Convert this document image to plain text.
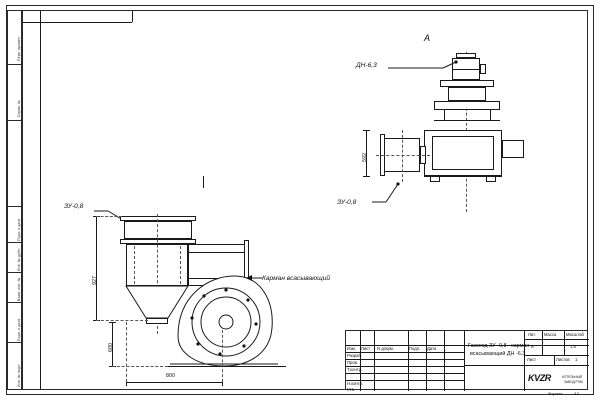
Перв. примен.
Справ. №
Подп. и дата
Инв. № дубл.
Взам. инв. №
Подп. и дата
Инв. № подл.
А
592
ДН-6,3
ЗУ-0,8
ЗУ-0,8
Карман всасывающий
927
600
800
Изм. Лист N докум.	Подп. Дата
Разраб.
Пров.
Т.контр.
Н.контр.
Утв.
Газоход ЗУ -0,8 - карман
всасывающий ДН -6,3
Лит. Масса Масштаб
И	1:5
Лист	Листов 1
KVZR	КОТЕЛЬНЫЙ
ЗАВОД РЭМ
Формат	A3
